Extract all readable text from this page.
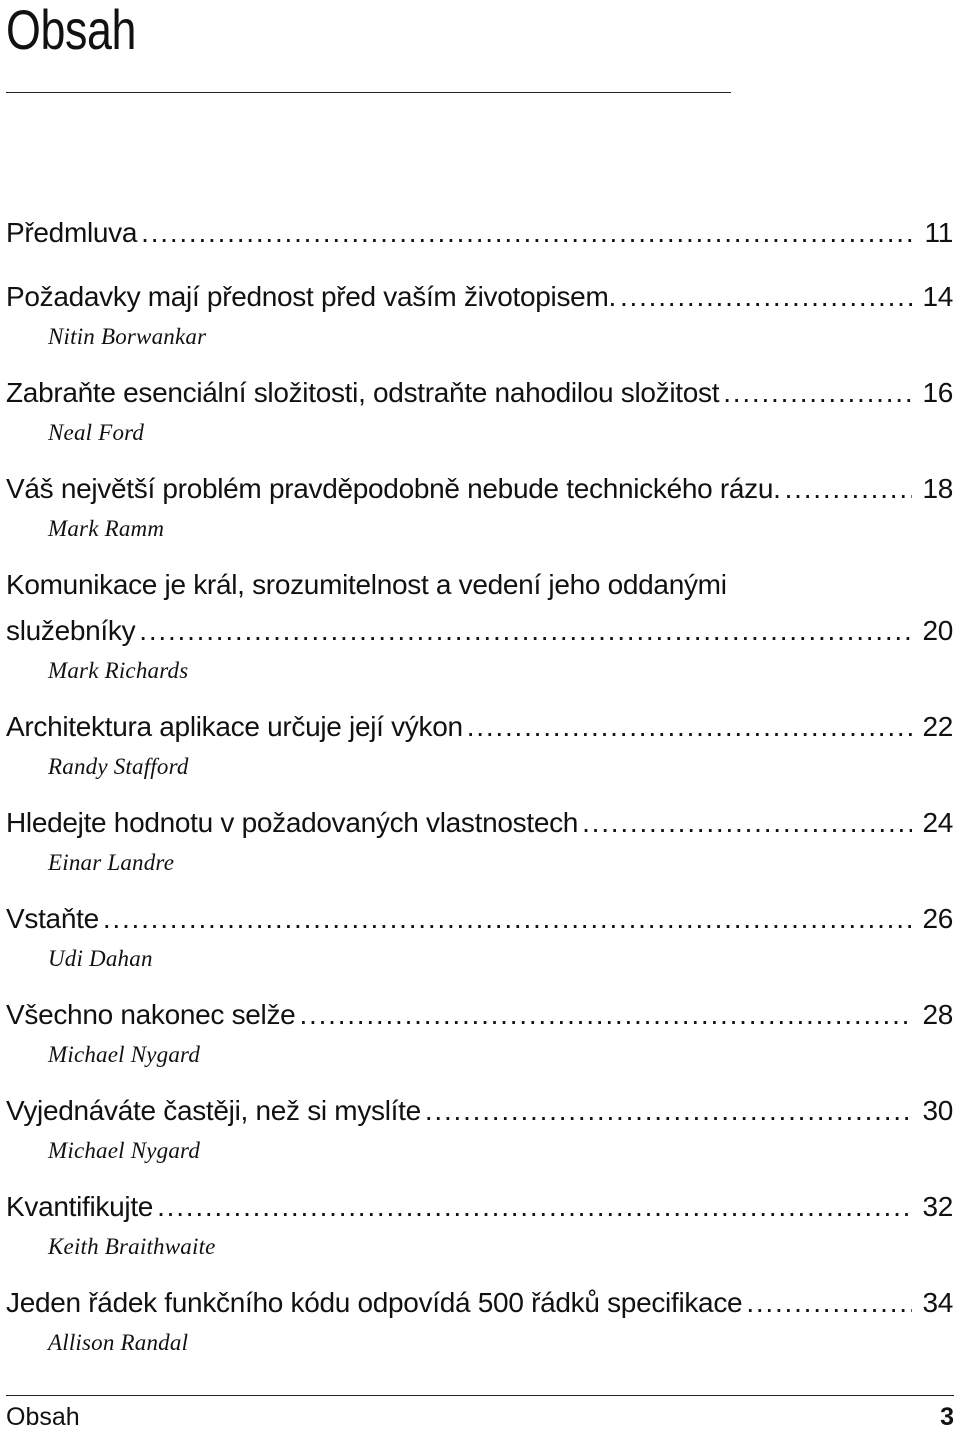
Obsah
Předmluva . . .	11
Požadavky mají přednost před vaším životopisem. . . .	14
Nitin Borwankar
Zabraňte esenciální složitosti, odstraňte nahodilou složitost . . .	16
Neal Ford
Váš největší problém pravděpodobně nebude technického rázu. . . .	18
Mark Ramm
Komunikace je král, srozumitelnost a vedení jeho oddanými
služebníky . . .	20
Mark Richards
Architektura aplikace určuje její výkon . . .	22
Randy Stafford
Hledejte hodnotu v požadovaných vlastnostech . . .	24
Einar Landre
Vstaňte . . .	26
Udi Dahan
Všechno nakonec selže . . .	28
Michael Nygard
Vyjednáváte častěji, než si myslíte . . .	30
Michael Nygard
Kvantifikujte . . .	32
Keith Braithwaite
Jeden řádek funkčního kódu odpovídá 500 řádků specifikace . . .	34
Allison Randal
Obsah	3
